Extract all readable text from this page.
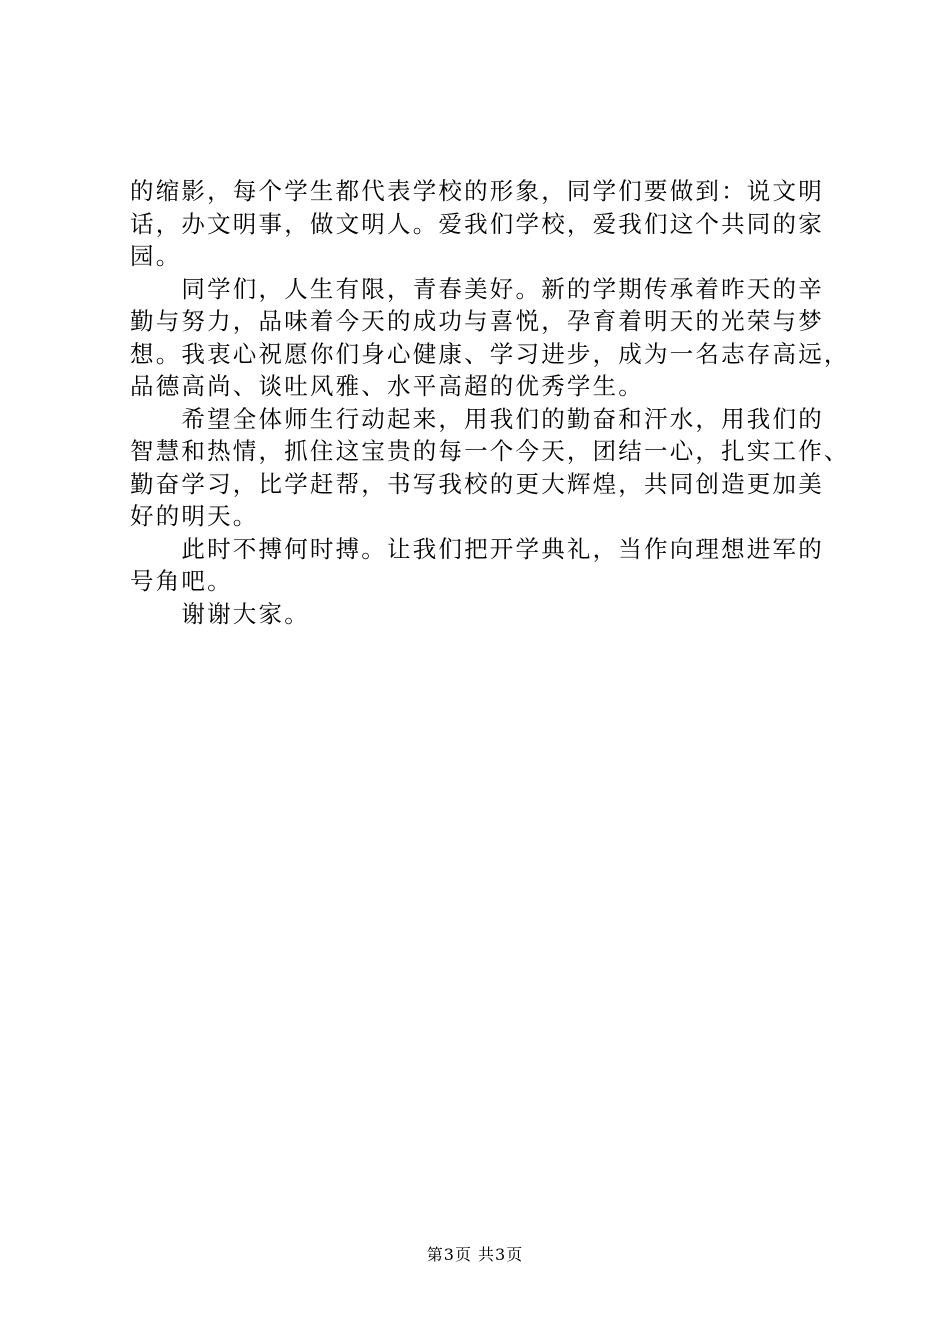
的缩影，每个学生都代表学校的形象，同学们要做到：说文明
话，办文明事，做文明人。爱我们学校，爱我们这个共同的家
园。
　　同学们，人生有限，青春美好。新的学期传承着昨天的辛
勤与努力，品味着今天的成功与喜悦，孕育着明天的光荣与梦
想。我衷心祝愿你们身心健康、学习进步，成为一名志存高远，
品德高尚、谈吐风雅、水平高超的优秀学生。
　　希望全体师生行动起来，用我们的勤奋和汗水，用我们的
智慧和热情，抓住这宝贵的每一个今天，团结一心，扎实工作、
勤奋学习，比学赶帮，书写我校的更大辉煌，共同创造更加美
好的明天。
　　此时不搏何时搏。让我们把开学典礼，当作向理想进军的
号角吧。
　　谢谢大家。
第3页 共3页
